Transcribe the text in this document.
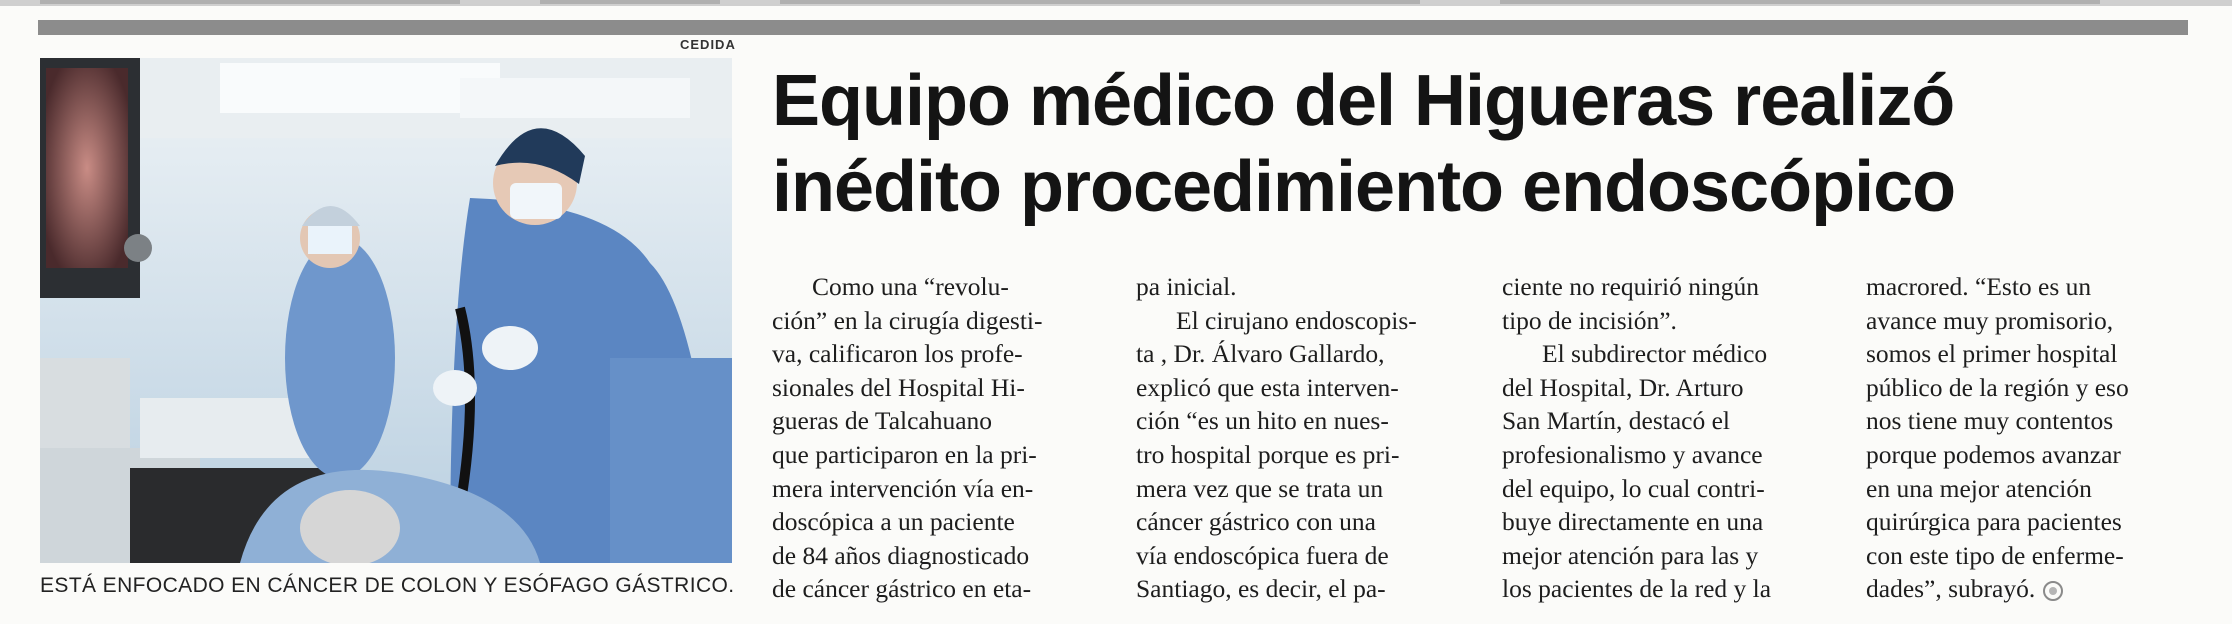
CEDIDA
ESTÁ ENFOCADO EN CÁNCER DE COLON Y ESÓFAGO GÁSTRICO.
Equipo médico del Higueras realizó
inédito procedimiento endoscópico

Como una “revolu-

ción” en la cirugía digesti-

va, calificaron los profe-

sionales del Hospital Hi-

gueras de Talcahuano

que participaron en la pri-

mera intervención vía en-

doscópica a un paciente

de 84 años diagnosticado

de cáncer gástrico en eta-

pa inicial.

El cirujano endoscopis-

ta , Dr. Álvaro Gallardo,

explicó que esta interven-

ción “es un hito en nues-

tro hospital porque es pri-

mera vez que se trata un

cáncer gástrico con una

vía endoscópica fuera de

Santiago, es decir, el pa-

ciente no requirió ningún

tipo de incisión”.

El subdirector médico

del Hospital, Dr. Arturo

San Martín, destacó el

profesionalismo y avance

del equipo, lo cual contri-

buye directamente en una

mejor atención para las y

los pacientes de la red y la

macrored. “Esto es un

avance muy promisorio,

somos el primer hospital

público de la región y eso

nos tiene muy contentos

porque podemos avanzar

en una mejor atención

quirúrgica para pacientes

con este tipo de enferme-

dades”, subrayó.
